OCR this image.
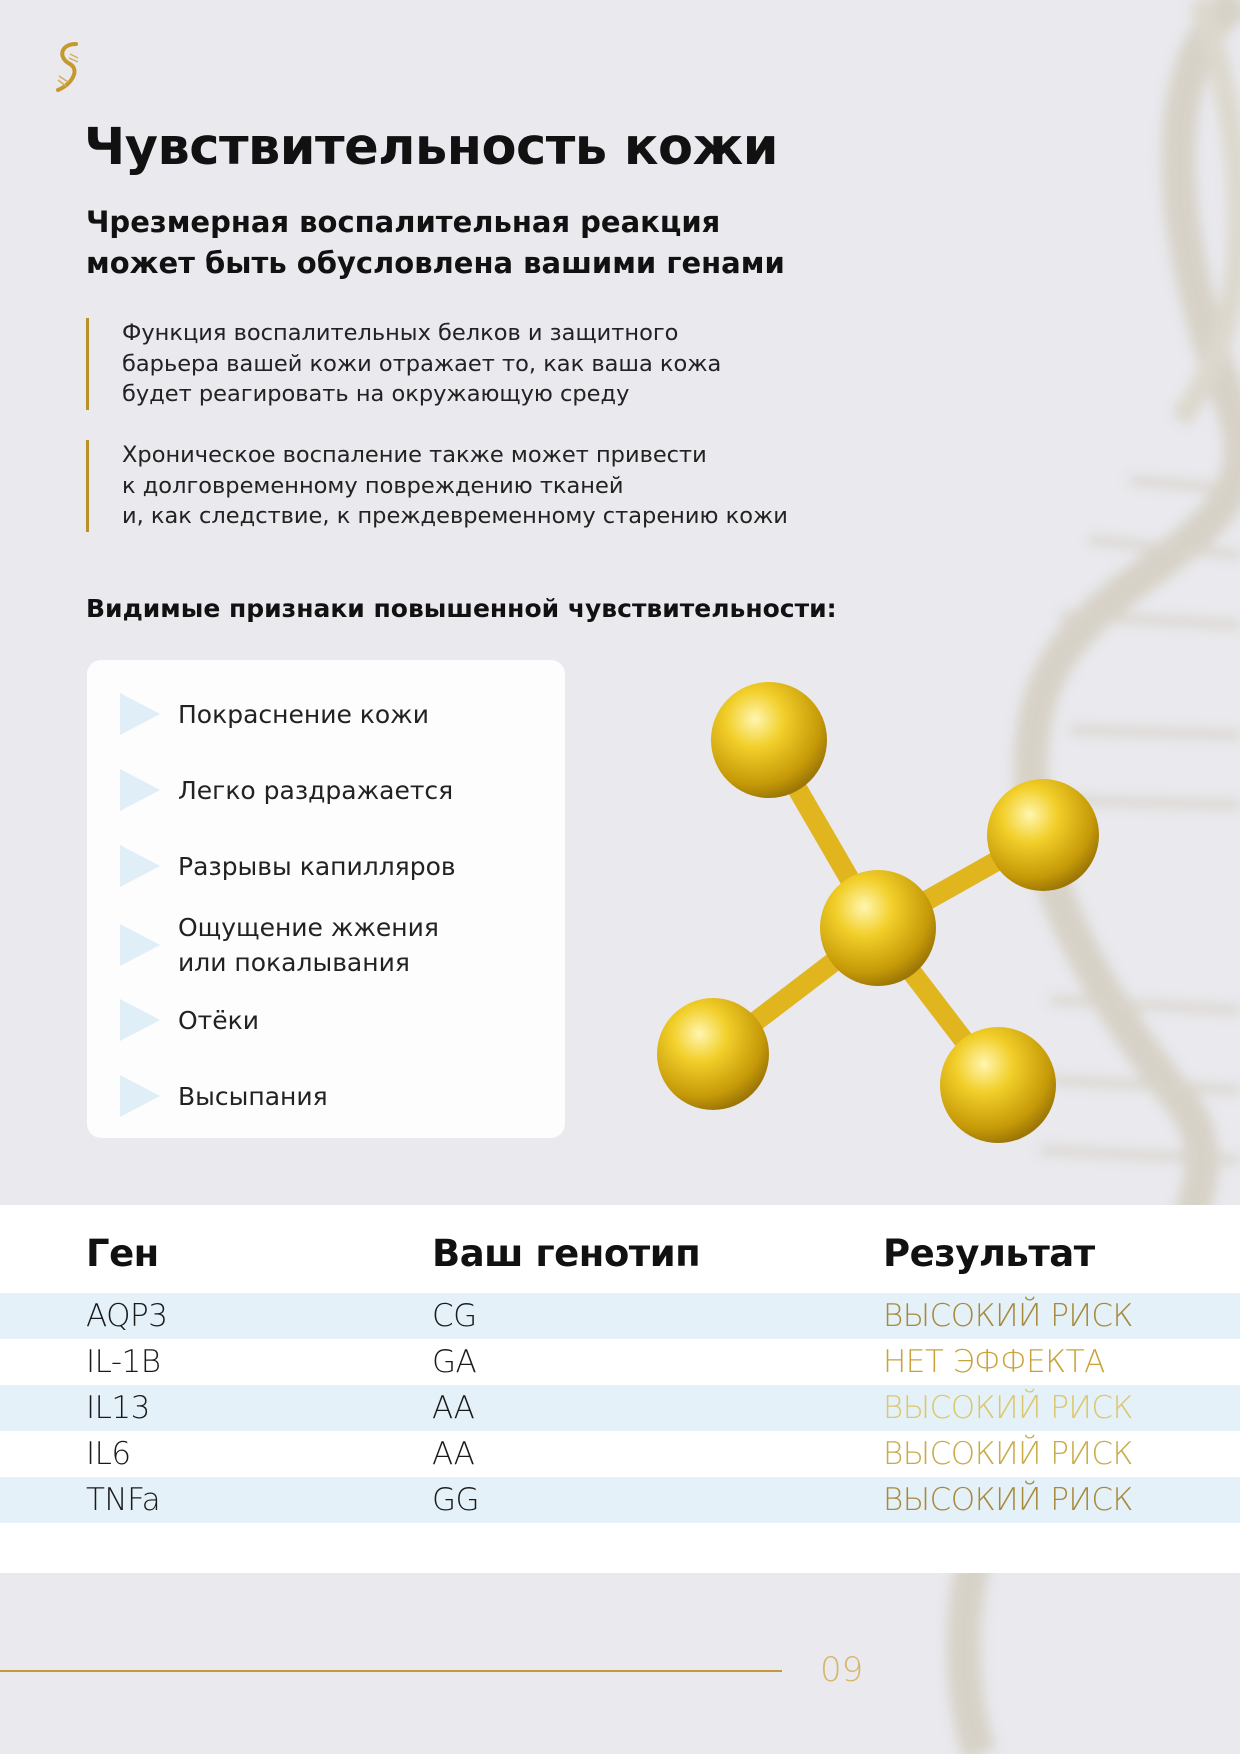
Чувствительность кожи
Чрезмерная воспалительная реакция
может быть обусловлена вашими генами
Функция воспалительных белков и защитного
барьера вашей кожи отражает то, как ваша кожа
будет реагировать на окружающую среду
Хроническое воспаление также может привести
к долговременному повреждению тканей
и, как следствие, к преждевременному старению кожи
Видимые признаки повышенной чувствительности:
Покраснение кожи
Легко раздражается
Разрывы капилляров
Ощущение жжения
или покалывания
Отёки
Высыпания
Ген	Ваш генотип	Результат
AQP3	CG	ВЫСОКИЙ РИСК
IL-1B	GA	НЕТ ЭФФЕКТА
IL13	AA	ВЫСОКИЙ РИСК
IL6	AA	ВЫСОКИЙ РИСК
TNFa	GG	ВЫСОКИЙ РИСК
09
